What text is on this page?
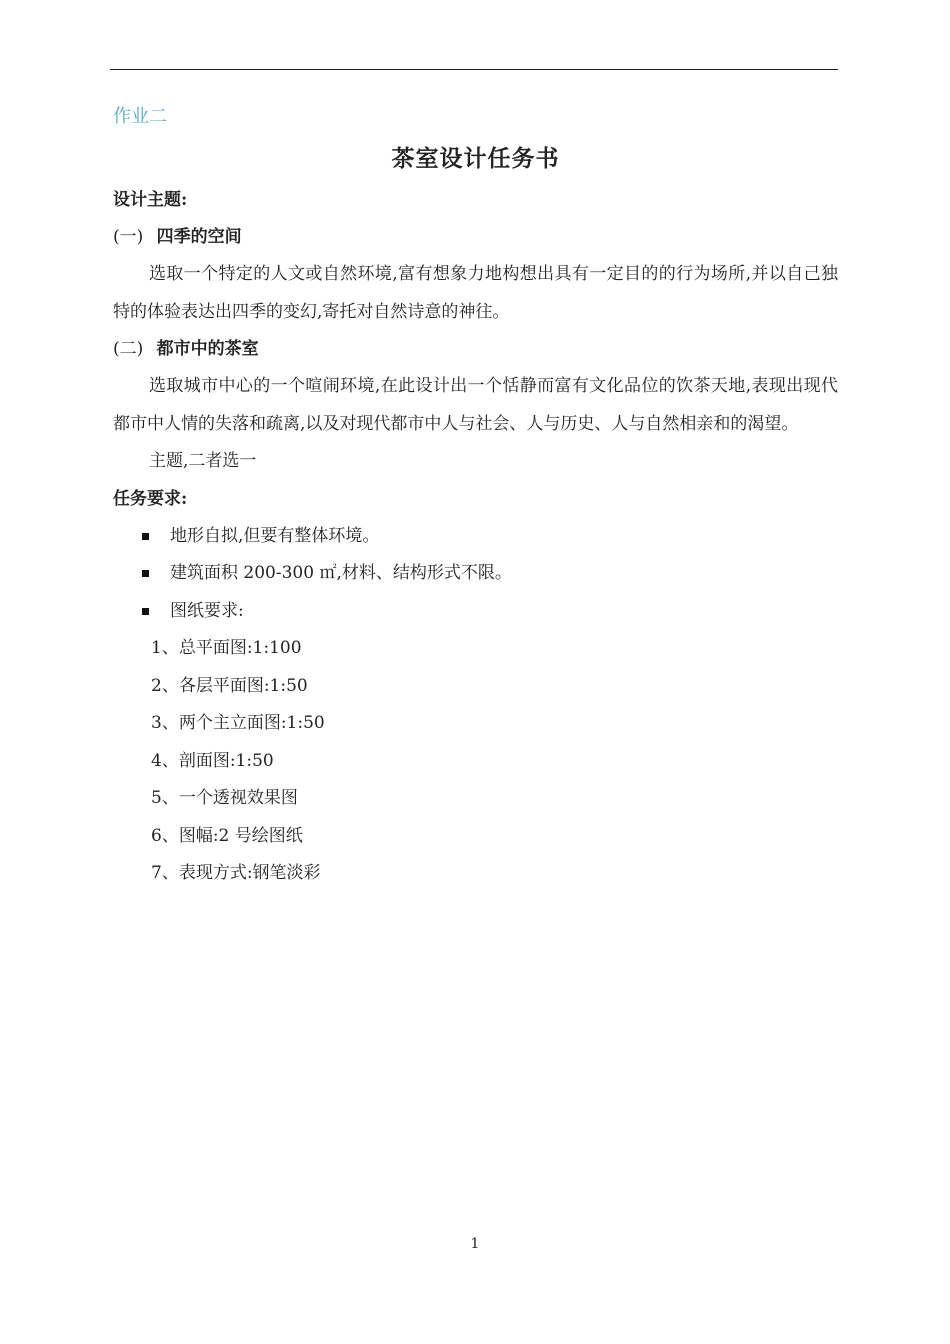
作业二

茶室设计任务书

设计主题:

(一) 四季的空间

选取一个特定的人文或自然环境,富有想象力地构想出具有一定目的的行为场所,并以自己独特的体验表达出四季的变幻,寄托对自然诗意的神往。

(二) 都市中的茶室

选取城市中心的一个喧闹环境,在此设计出一个恬静而富有文化品位的饮茶天地,表现出现代都市中人情的失落和疏离,以及对现代都市中人与社会、人与历史、人与自然相亲和的渴望。

主题,二者选一

任务要求:

地形自拟,但要有整体环境。
建筑面积 200-300 ㎡,材料、结构形式不限。
图纸要求:
1、总平面图:1:100
2、各层平面图:1:50
3、两个主立面图:1:50
4、剖面图:1:50
5、一个透视效果图
6、图幅:2 号绘图纸
7、表现方式:钢笔淡彩
1
